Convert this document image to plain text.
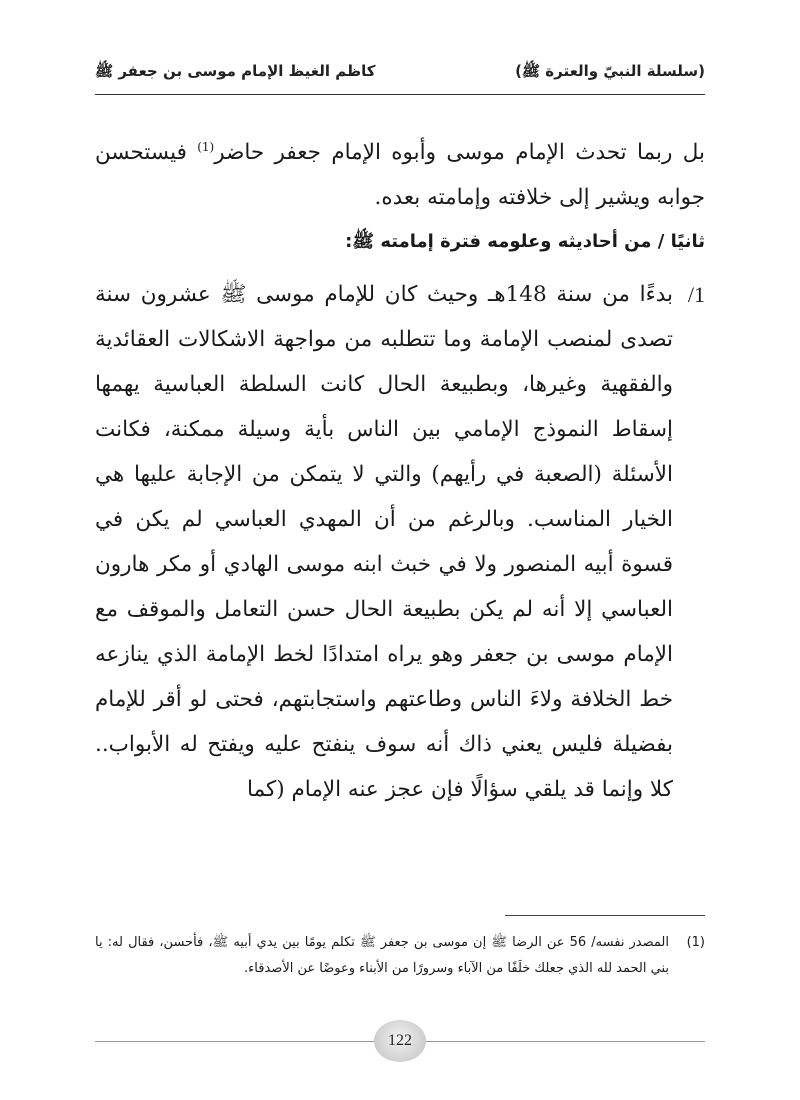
(سلسلة النبيّ والعترة ﷺ)
كاظم الغيظ الإمام موسى بن جعفر ﷺ

بل ربما تحدث الإمام موسى وأبوه الإمام جعفر حاضر$^{(1)}$ فيستحسن جوابه ويشير إلى خلافته وإمامته بعده.

ثانيًا / من أحاديثه وعلومه فترة إمامته ﷺ:
1/

بدءًا من سنة 148هـ وحيث كان للإمام موسى ﷺ عشرون سنة تصدى لمنصب الإمامة وما تتطلبه من مواجهة الاشكالات العقائدية والفقهية وغيرها، وبطبيعة الحال كانت السلطة العباسية يهمها إسقاط النموذج الإمامي بين الناس بأية وسيلة ممكنة، فكانت الأسئلة (الصعبة في رأيهم) والتي لا يتمكن من الإجابة عليها هي الخيار المناسب. وبالرغم من أن المهدي العباسي لم يكن في قسوة أبيه المنصور ولا في خبث ابنه موسى الهادي أو مكر هارون العباسي إلا أنه لم يكن بطبيعة الحال حسن التعامل والموقف مع الإمام موسى بن جعفر وهو يراه امتدادًا لخط الإمامة الذي ينازعه خط الخلافة ولاءَ الناس وطاعتهم واستجابتهم، فحتى لو أقر للإمام بفضيلة فليس يعني ذاك أنه سوف ينفتح عليه ويفتح له الأبواب.. كلا وإنما قد يلقي سؤالًا فإن عجز عنه الإمام (كما

(1)

المصدر نفسه/ 56 عن الرضا ﷺ إن موسى بن جعفر ﷺ تكلم يومًا بين يدي أبيه ﷺ، فأحسن، فقال له: يا بني الحمد لله الذي جعلك خلَفًا من الآباء وسرورًا من الأبناء وعوضًا عن الأصدقاء.

122
